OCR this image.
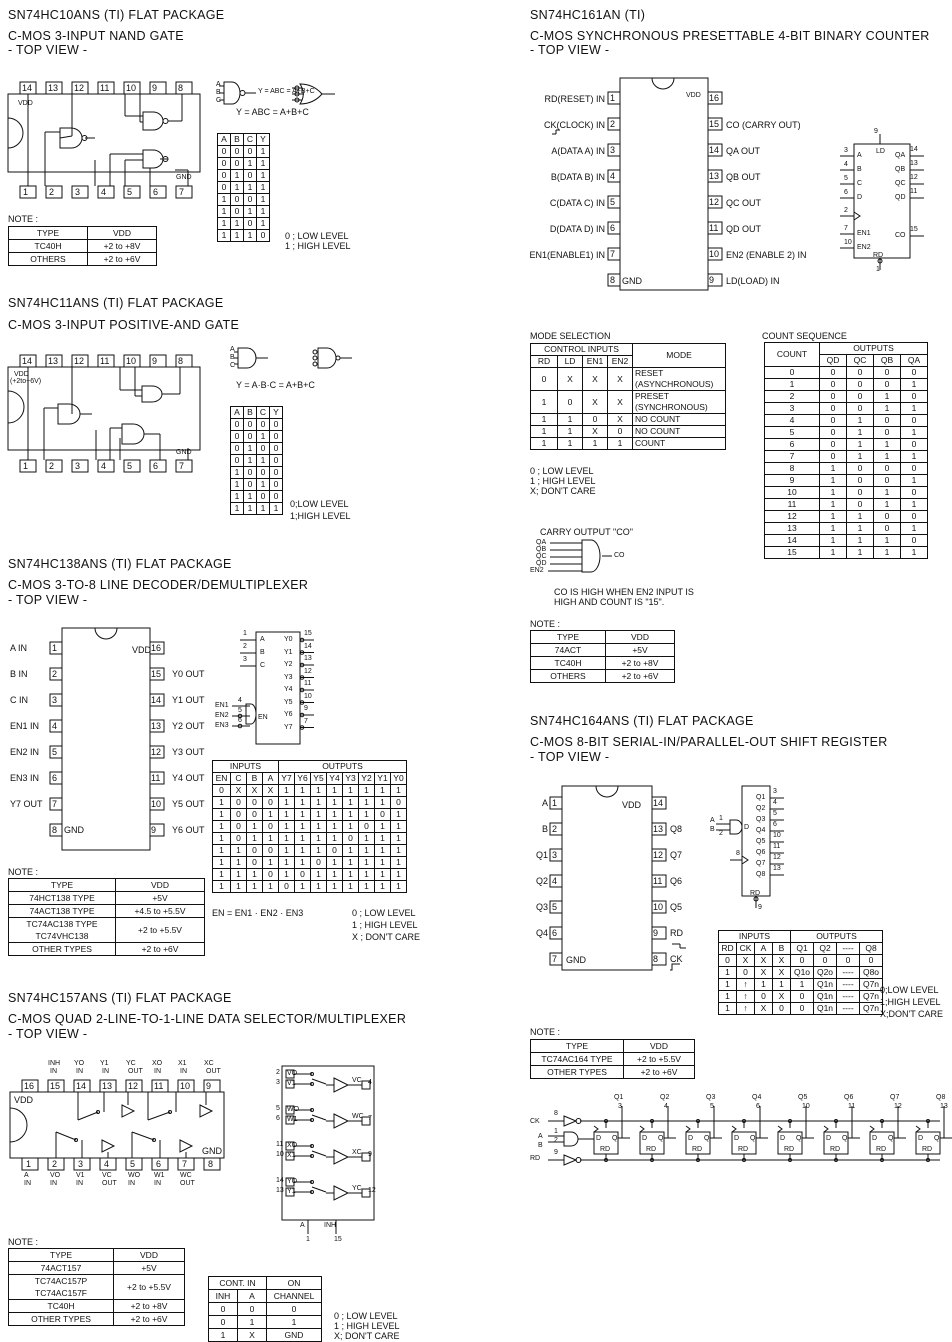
SN74HC10ANS (TI) FLAT PACKAGE
C-MOS 3-INPUT NAND GATE
- TOP VIEW -
14 13 12 11 10 9 8
1 2 3 4 5 6 7
VDD
GND
A
B
C
Y = ABC = A+B+C
Y = ABC = A+B+C
A	B	C	Y
0	0	0	1
0	0	1	1
0	1	0	1
0	1	1	1
1	0	0	1
1	0	1	1
1	1	0	1
1	1	1	0 0 ; LOW LEVEL
1 ; HIGH LEVEL
NOTE :
TYPE	VDD
TC40H	+2 to +8V
OTHERS	+2 to +6V
SN74HC11ANS (TI) FLAT PACKAGE
C-MOS 3-INPUT POSITIVE-AND GATE
14 13 12 11 10 9 8
1 2 3 4 5 6 7
VDD
(+2to+6V)
GND
A
B
C
Y = A·B·C = A+B+C
A	B	C	Y
0	0	0	0
0	0	1	0
0	1	0	0
0	1	1	0
1	0	0	0
1	0	1	0
1	1	0	0
1	1	1	1 0;LOW LEVEL
1;HIGH LEVEL
SN74HC138ANS (TI) FLAT PACKAGE
C-MOS 3-TO-8 LINE DECODER/DEMULTIPLEXER
- TOP VIEW -
1
A IN
2
B IN
3
C IN
4
EN1 IN
5
EN2 IN
6
EN3 IN
7
Y7 OUT
8
16
15 Y0 OUT
14 Y1 OUT
13 Y2 OUT
12 Y3 OUT
11 Y4 OUT
10 Y5 OUT
9 Y6 OUT
VDD
GND
1
A
2
B
3
C
Y0
15
Y1
14
Y2
13
Y3
12
Y4
11
Y5
10
Y6
9
Y7
7
EN1
4
EN2
5
EN3
6 EN
INPUTS				OUTPUTS							
EN	C	B	A	Y7	Y6	Y5	Y4	Y3	Y2	Y1	Y0
0	X	X	X	1	1	1	1	1	1	1	1
1	0	0	0	1	1	1	1	1	1	1	0
1	0	0	1	1	1	1	1	1	1	0	1
1	0	1	0	1	1	1	1	1	0	1	1
1	0	1	1	1	1	1	1	0	1	1	1
1	1	0	0	1	1	1	0	1	1	1	1
1	1	0	1	1	1	0	1	1	1	1	1
1	1	1	0	1	0	1	1	1	1	1	1
1	1	1	1	0	1	1	1	1	1	1	1
EN = EN1 · EN2 · EN3	0 ; LOW LEVEL
1 ; HIGH LEVEL
X ; DON'T CARE
NOTE :
TYPE	VDD
74HCT138 TYPE	+5V
74ACT138 TYPE	+4.5 to +5.5V
TC74AC138 TYPE
TC74VHC138	+2 to +5.5V
OTHER TYPES	+2 to +6V
SN74HC157ANS (TI) FLAT PACKAGE
C-MOS QUAD 2-LINE-TO-1-LINE DATA SELECTOR/MULTIPLEXER
- TOP VIEW -
INH
IN
YO
IN
Y1
IN
YC
OUT
XO
IN
X1
IN
XC
OUT
16 15 14 13 12 11 10 9
1 2 3 4 5 6 7 8
A
IN
VO
IN
V1
IN
VC
OUT
WO
IN
W1
IN
WC
OUT
VDD
GND
2 VO
3 V1	VC 4
5 WO
6 W1	WC 7
11 XO
10 X1	XC 9
14 YO
13 Y1	YC 12
A
1
INH
15
NOTE :
TYPE	VDD
74ACT157	+5V
TC74AC157P
TC74AC157F	+2 to +5.5V
TC40H	+2 to +8V
OTHER TYPES	+2 to +6V
CONT. IN		ON
INH	A	CHANNEL
0	0	0
0	1	1
1	X	GND
0 ; LOW LEVEL
1 ; HIGH LEVEL
X; DON'T CARE
SN74HC161AN (TI)
C-MOS SYNCHRONOUS PRESETTABLE 4-BIT BINARY COUNTER
- TOP VIEW -
1
RD(RESET) IN
2
CK(CLOCK) IN
3
A(DATA A) IN
4
B(DATA B) IN
5
C(DATA C) IN
6
D(DATA D) IN
7
EN1(ENABLE1) IN
8 GND
16
15 CO (CARRY OUT)
14 QA OUT
13 QB OUT
12 QC OUT
11 QD OUT
10 EN2 (ENABLE 2) IN
9 LD(LOAD) IN
VDD
9
LD
RD
1
3
A
4
B
5
C
6
D
2
7
EN1
10
EN2
QA
14
QB
13
QC
12
QD
11
CO
15
MODE SELECTION
CONTROL INPUTS				MODE
RD	LD	EN1	EN2	
0	X	X	X	RESET
(ASYNCHRONOUS)
1	0	X	X	PRESET
(SYNCHRONOUS)
1	1	0	X	NO COUNT
1	1	X	0	NO COUNT
1	1	1	1	COUNT
0 ; LOW LEVEL
1 ; HIGH LEVEL
X; DON'T CARE
COUNT SEQUENCE
COUNT	OUTPUTS			
	QD	QC	QB	QA
0	0	0	0	0
1	0	0	0	1
2	0	0	1	0
3	0	0	1	1
4	0	1	0	0
5	0	1	0	1
6	0	1	1	0
7	0	1	1	1
8	1	0	0	0
9	1	0	0	1
10	1	0	1	0
11	1	0	1	1
12	1	1	0	0
13	1	1	0	1
14	1	1	1	0
15	1	1	1	1
CARRY OUTPUT "CO"
QA
QB
QC
QD
EN2
CO
CO IS HIGH WHEN EN2 INPUT IS
HIGH AND COUNT IS "15".
NOTE :
TYPE	VDD
74ACT	+5V
TC40H	+2 to +8V
OTHERS	+2 to +6V
SN74HC164ANS (TI) FLAT PACKAGE
C-MOS 8-BIT SERIAL-IN/PARALLEL-OUT SHIFT REGISTER
- TOP VIEW -
1
A
2
B
3
Q1
4
Q2
5
Q3
6
Q4
7 GND
14
13 Q8
12 Q7
11 Q6
10 Q5
9 RD
8 CK
VDD
A 1
B
2
D
8
Q1
3
Q2
4
Q3
5
Q4
6
Q5
10
Q6
11
Q7
12
Q8
13
RD
9
INPUTS				OUTPUTS			
RD	CK	A	B	Q1	Q2	----	Q8
0	X	X	X	0	0	0	0
1	0	X	X	Q1o	Q2o	----	Q8o
1	↑	1	1	1	Q1n	----	Q7n
1	↑	0	X	0	Q1n	----	Q7n
1	↑	X	0	0	Q1n	----	Q7n
0;LOW LEVEL
1;HIGH LEVEL
X;DON'T CARE
NOTE :
TYPE	VDD
TC74AC164 TYPE	+2 to +5.5V
OTHER TYPES	+2 to +6V
CK
8
A
B
1
2
RD
9
D Q
RD
Q1
3
D Q
RD
Q2
4
D Q
RD
Q3
5
D Q
RD
Q4
6
D Q
RD
Q5
10
D Q
RD
Q6
11
D Q
RD
Q7
12
D Q
RD
Q8
13
